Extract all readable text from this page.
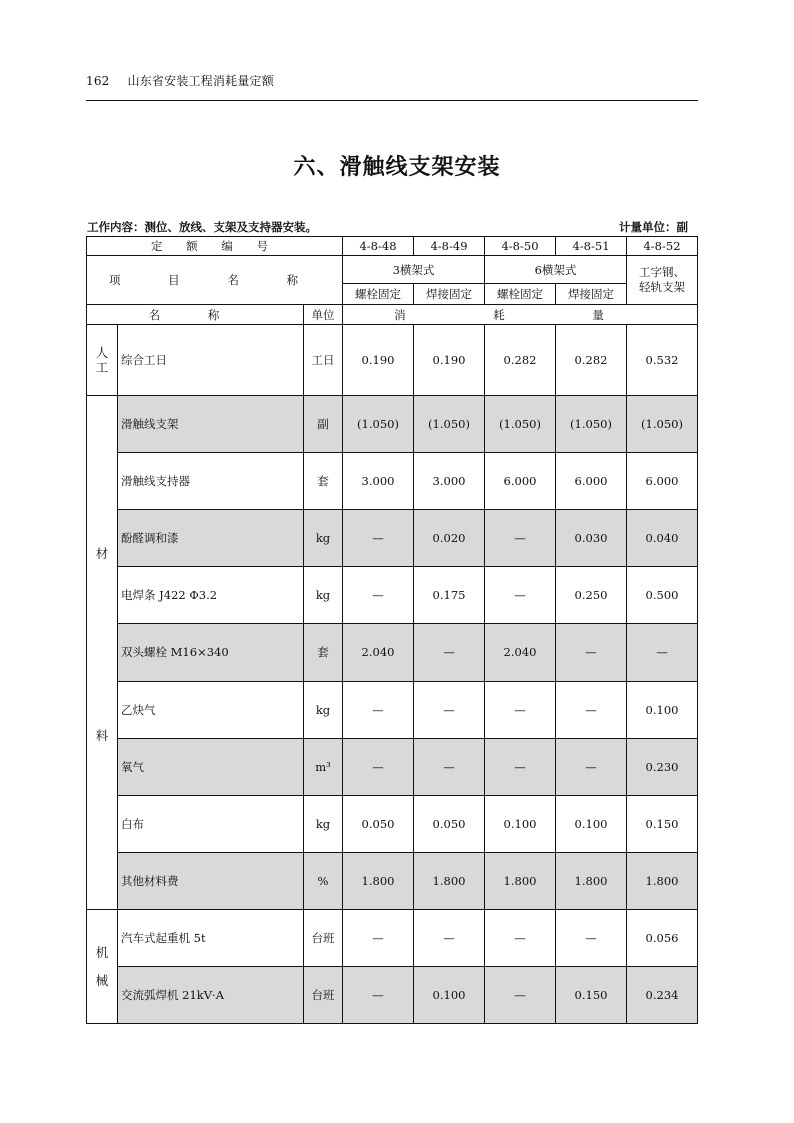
162 山东省安装工程消耗量定额
六、滑触线支架安装
工作内容：测位、放线、支架及支持器安装。	计量单位：副
定 额 编 号			4-8-48	4-8-49	4-8-50	4-8-51	4-8-52
项 目 名 称			3横架式		6横架式		工字钢、
轻轨支架
			螺栓固定	焊接固定	螺栓固定	焊接固定	
名 称		单位	消 耗 量				
人
工	综合工日	工日	0.190	0.190	0.282	0.282	0.532

材
料	滑触线支架	副	(1.050)	(1.050)	(1.050)	(1.050)	(1.050)
	滑触线支持器	套	3.000	3.000	6.000	6.000	6.000
	酚醛调和漆	kg	—	0.020	—	0.030	0.040
	电焊条 J422 Φ3.2	kg	—	0.175	—	0.250	0.500
	双头螺栓 M16×340	套	2.040	—	2.040	—	—
	乙炔气	kg	—	—	—	—	0.100
	氧气	m³	—	—	—	—	0.230
	白布	kg	0.050	0.050	0.100	0.100	0.150
	其他材料费	%	1.800	1.800	1.800	1.800	1.800
机
械	汽车式起重机 5t	台班	—	—	—	—	0.056
	交流弧焊机 21kV·A	台班	—	0.100	—	0.150	0.234
